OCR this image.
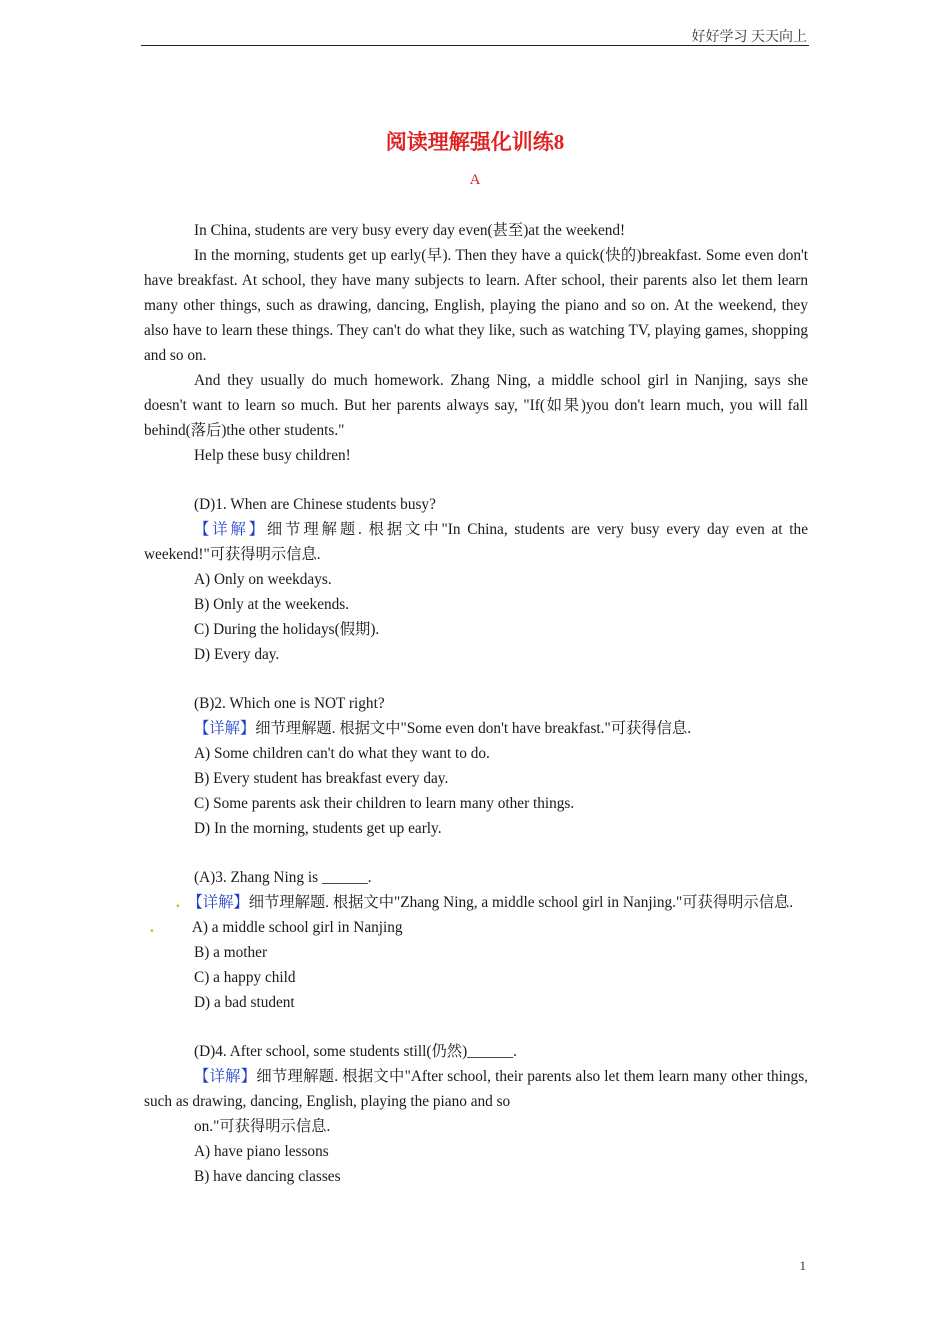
好好学习 天天向上
阅读理解强化训练8
A

In China, students are very busy every day even(甚至)at the weekend!

In the morning, students get up early(早). Then they have a quick(快的)breakfast. Some even don't have breakfast. At school, they have many subjects to learn. After school, their parents also let them learn many other things, such as drawing, dancing, English, playing the piano and so on. At the weekend, they also have to learn these things. They can't do what they like, such as watching TV, playing games, shopping and so on.

And they usually do much homework. Zhang Ning, a middle school girl in Nanjing, says she doesn't want to learn so much. But her parents always say, "If(如果)you don't learn much, you will fall behind(落后)the other students."

Help these busy children!

(D)1. When are Chinese students busy?

【详解】细节理解题. 根据文中"In China, students are very busy every day even at the weekend!"可获得明示信息.

A) Only on weekdays.

B) Only at the weekends.

C) During the holidays(假期).

D) Every day.

(B)2. Which one is NOT right?

【详解】细节理解题. 根据文中"Some even don't have breakfast."可获得信息.

A) Some children can't do what they want to do.

B) Every student has breakfast every day.

C) Some parents ask their children to learn many other things.

D) In the morning, students get up early.

(A)3. Zhang Ning is ______.

. 【详解】细节理解题. 根据文中"Zhang Ning, a middle school girl in Nanjing."可获得明示信息.

. A) a middle school girl in Nanjing

B) a mother

C) a happy child

D) a bad student

(D)4. After school, some students still(仍然)______.

【详解】细节理解题. 根据文中"After school, their parents also let them learn many other things, such as drawing, dancing, English, playing the piano and so

on."可获得明示信息.

A) have piano lessons

B) have dancing classes

1
